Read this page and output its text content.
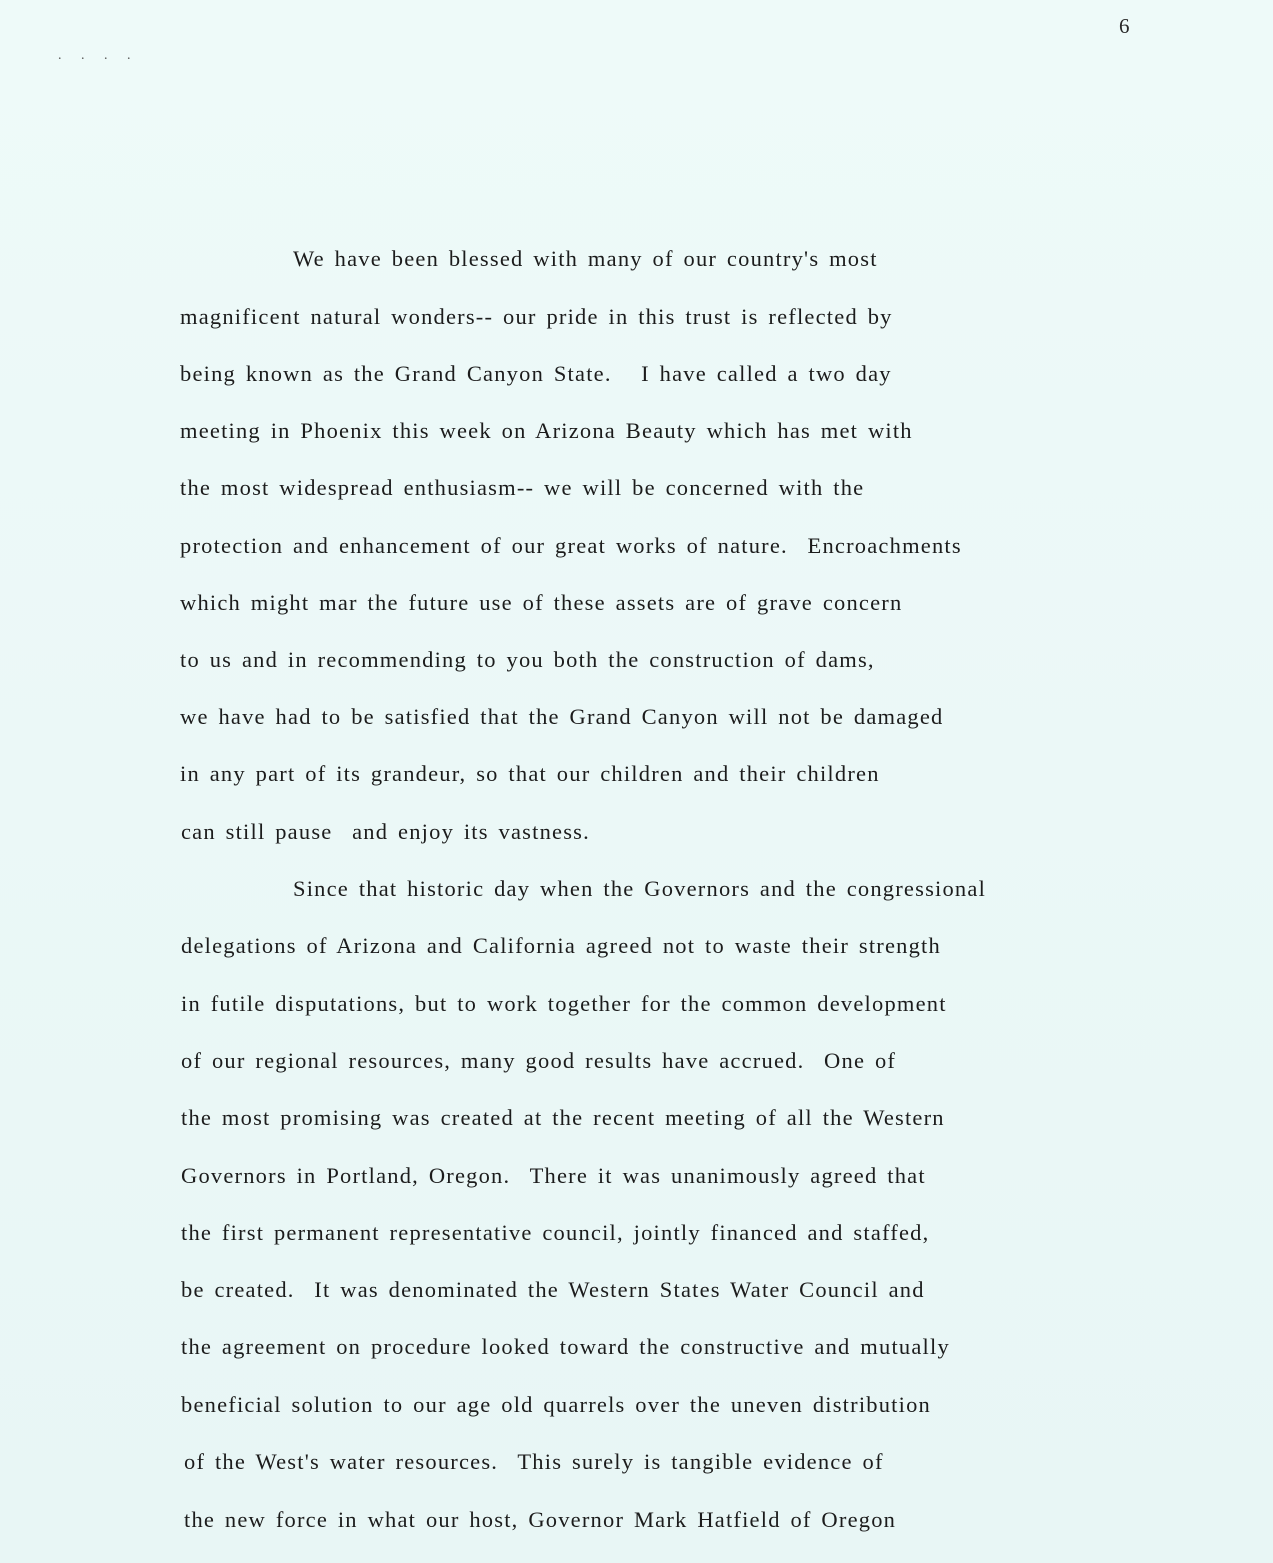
6
. . . .
We have been blessed with many of our country's most
magnificent natural wonders-- our pride in this trust is reflected by
being known as the Grand Canyon State.   I have called a two day
meeting in Phoenix this week on Arizona Beauty which has met with
the most widespread enthusiasm-- we will be concerned with the
protection and enhancement of our great works of nature.  Encroachments
which might mar the future use of these assets are of grave concern
to us and in recommending to you both the construction of dams,
we have had to be satisfied that the Grand Canyon will not be damaged
in any part of its grandeur, so that our children and their children
can still pause  and enjoy its vastness.
Since that historic day when the Governors and the congressional
delegations of Arizona and California agreed not to waste their strength
in futile disputations, but to work together for the common development
of our regional resources, many good results have accrued.  One of
the most promising was created at the recent meeting of all the Western
Governors in Portland, Oregon.  There it was unanimously agreed that
the first permanent representative council, jointly financed and staffed,
be created.  It was denominated the Western States Water Council and
the agreement on procedure looked toward the constructive and mutually
beneficial solution to our age old quarrels over the uneven distribution
of the West's water resources.  This surely is tangible evidence of
the new force in what our host, Governor Mark Hatfield of Oregon
